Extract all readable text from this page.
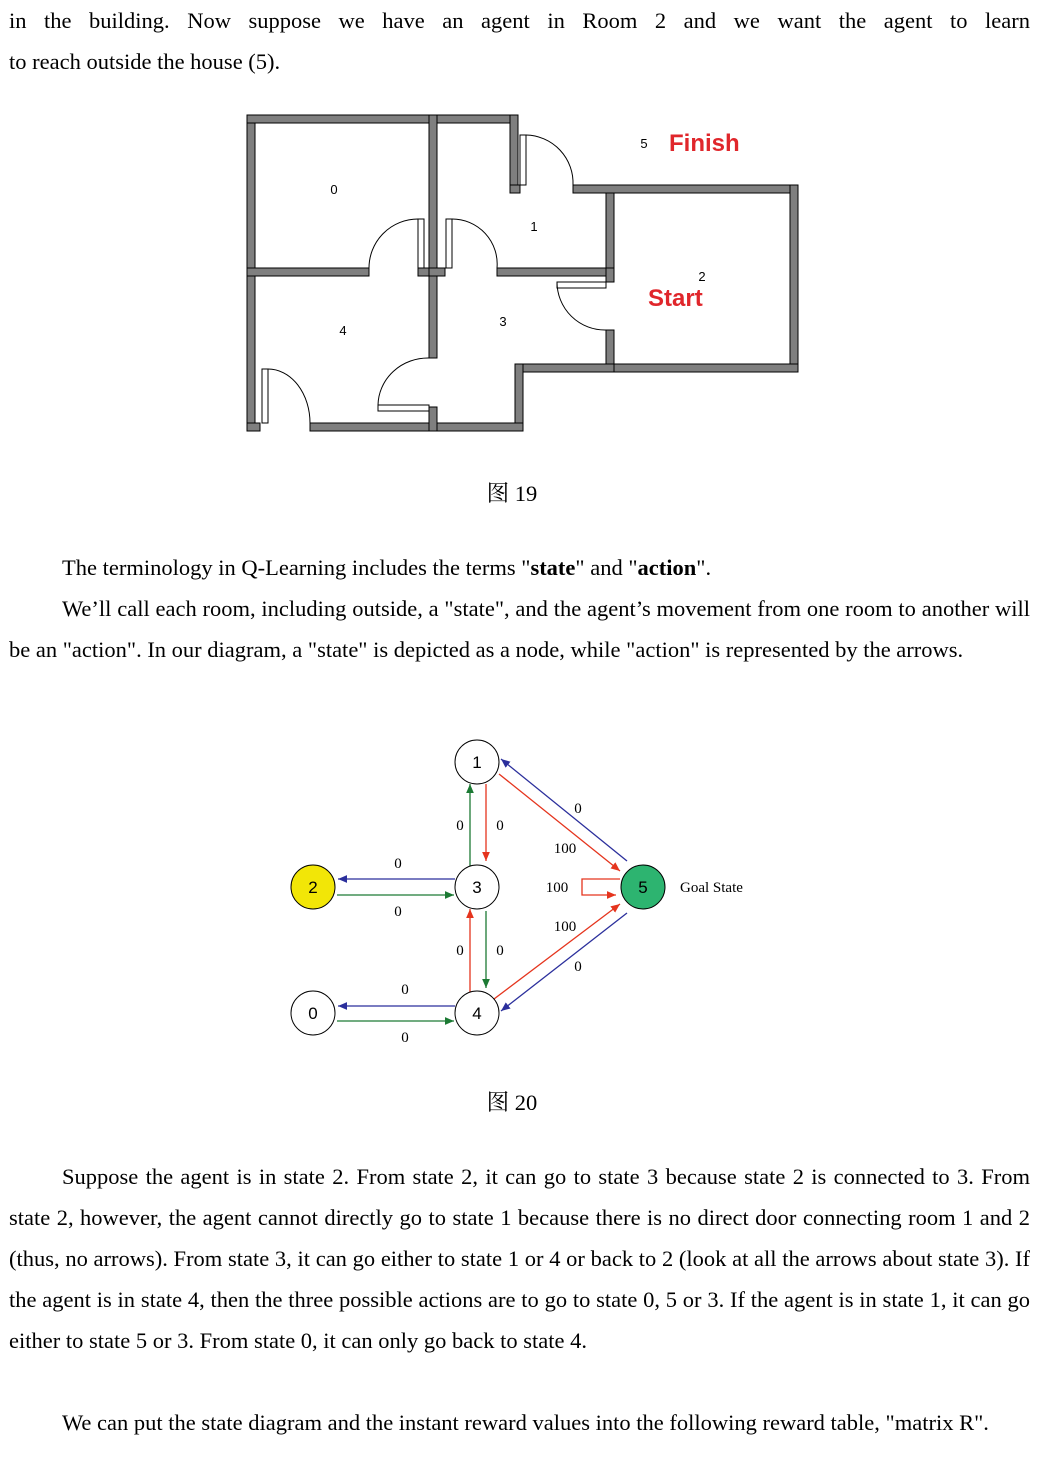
in the building. Now suppose we have an agent in Room 2 and we want the agent to learn

to reach outside the house (5).

0
1
2
3
4
5 Finish
Start
图 19

The terminology in Q-Learning includes the terms "state" and "action".

We’ll call each room, including outside, a "state", and the agent’s movement from one room to another will be an "action". In our diagram, a "state" is depicted as a node, while "action" is represented by the arrows.

1
2	3	5
0	4
Goal State
0 0
0
100
0
0
100
100
0
0 0
0
0
图 20

Suppose the agent is in state 2. From state 2, it can go to state 3 because state 2 is connected to 3. From state 2, however, the agent cannot directly go to state 1 because there is no direct door connecting room 1 and 2 (thus, no arrows). From state 3, it can go either to state 1 or 4 or back to 2 (look at all the arrows about state 3). If the agent is in state 4, then the three possible actions are to go to state 0, 5 or 3. If the agent is in state 1, it can go either to state 5 or 3. From state 0, it can only go back to state 4.

We can put the state diagram and the instant reward values into the following reward table, "matrix R".
